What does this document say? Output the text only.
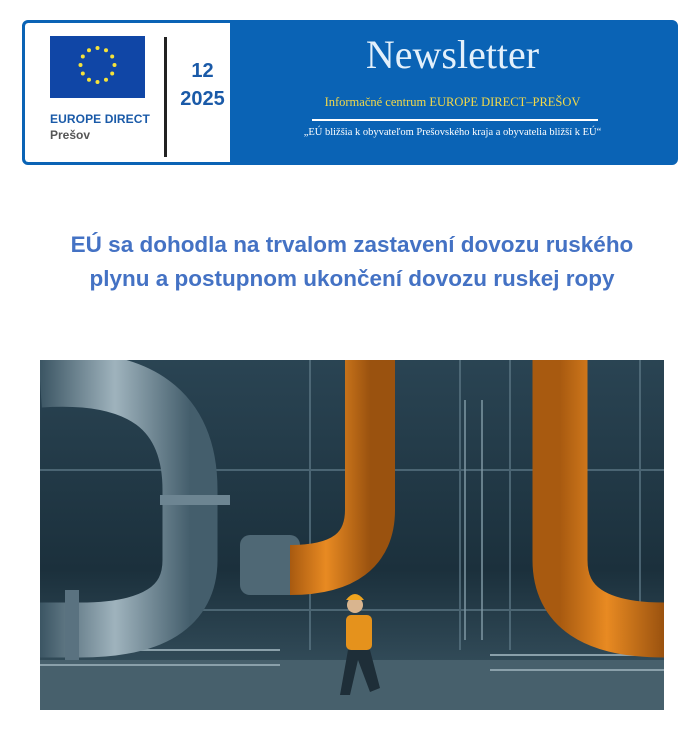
EUROPE DIRECT
Prešov
12
2025
Newsletter
Informačné centrum EUROPE DIRECT–PREŠOV
„EÚ bližšia k obyvateľom Prešovského kraja a obyvatelia bližší k EÚ“
EÚ sa dohodla na trvalom zastavení dovozu ruského plynu a postupnom ukončení dovozu ruskej ropy
